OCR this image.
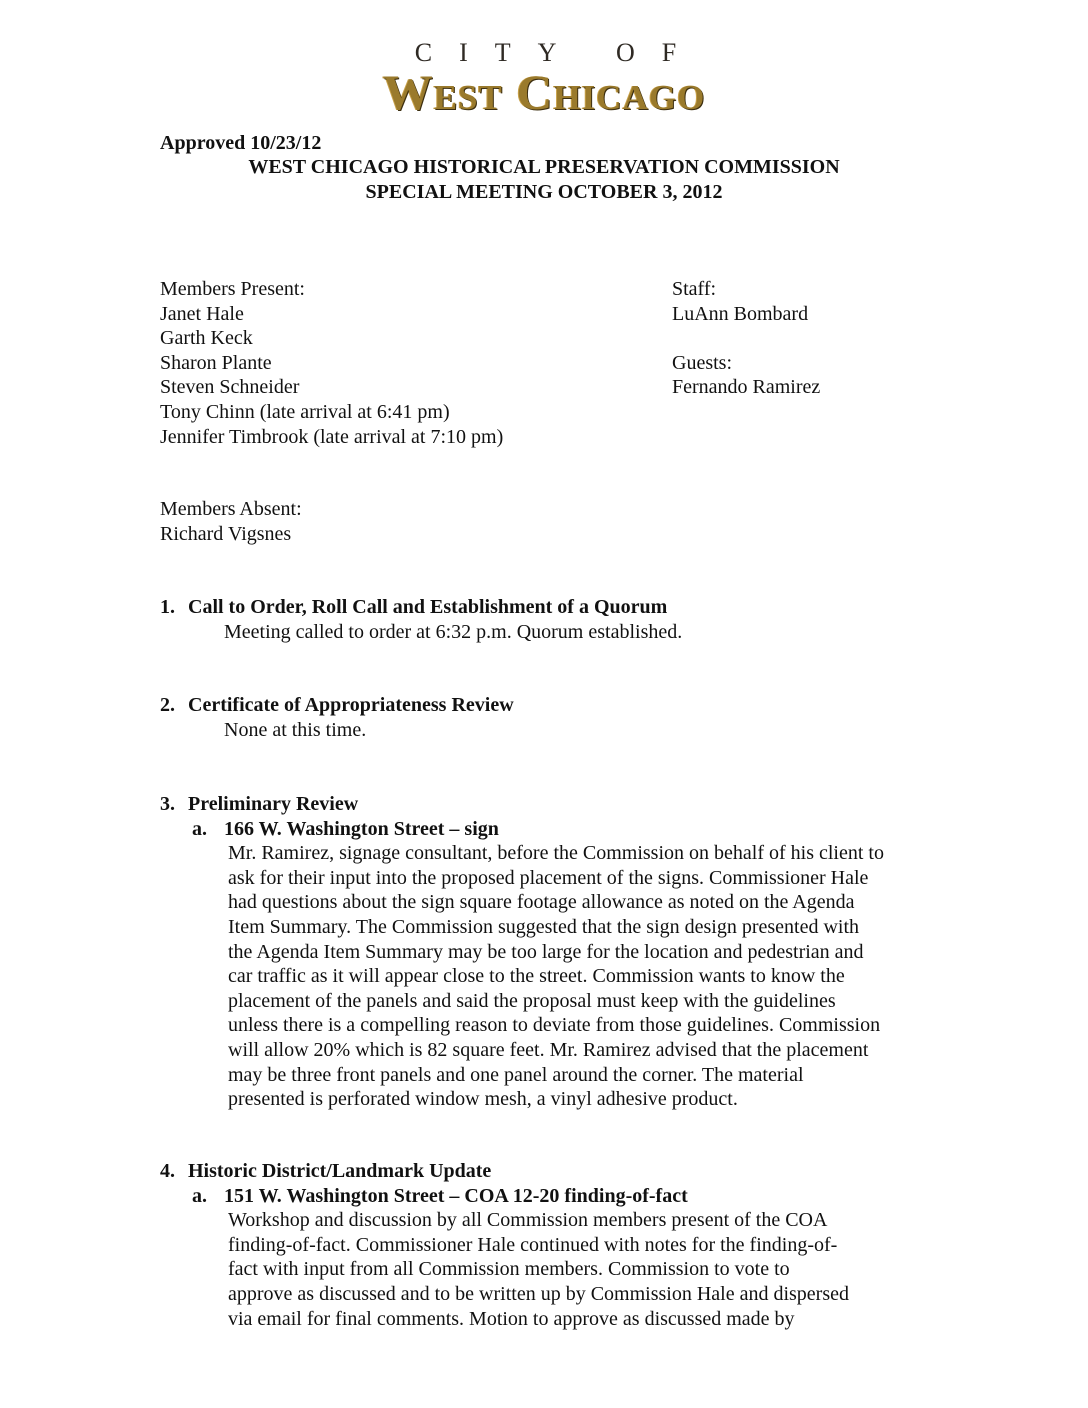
CITY OF
West Chicago
Approved 10/23/12
WEST CHICAGO HISTORICAL PRESERVATION COMMISSION
SPECIAL MEETING OCTOBER 3, 2012
Members Present:
Janet Hale
Garth Keck
Sharon Plante
Steven Schneider
Tony Chinn (late arrival at 6:41 pm)
Jennifer Timbrook (late arrival at 7:10 pm)
Staff:
LuAnn Bombard
Guests:
Fernando Ramirez
Members Absent:
Richard Vigsnes
1. Call to Order, Roll Call and Establishment of a Quorum
Meeting called to order at 6:32 p.m. Quorum established.
2. Certificate of Appropriateness Review
None at this time.
3. Preliminary Review
a. 166 W. Washington Street – sign
Mr. Ramirez, signage consultant, before the Commission on behalf of his client to
ask for their input into the proposed placement of the signs. Commissioner Hale
had questions about the sign square footage allowance as noted on the Agenda
Item Summary. The Commission suggested that the sign design presented with
the Agenda Item Summary may be too large for the location and pedestrian and
car traffic as it will appear close to the street. Commission wants to know the
placement of the panels and said the proposal must keep with the guidelines
unless there is a compelling reason to deviate from those guidelines. Commission
will allow 20% which is 82 square feet. Mr. Ramirez advised that the placement
may be three front panels and one panel around the corner. The material
presented is perforated window mesh, a vinyl adhesive product.
4. Historic District/Landmark Update
a. 151 W. Washington Street – COA 12-20 finding-of-fact
Workshop and discussion by all Commission members present of the COA
finding-of-fact. Commissioner Hale continued with notes for the finding-of-
fact with input from all Commission members. Commission to vote to
approve as discussed and to be written up by Commission Hale and dispersed
via email for final comments. Motion to approve as discussed made by
